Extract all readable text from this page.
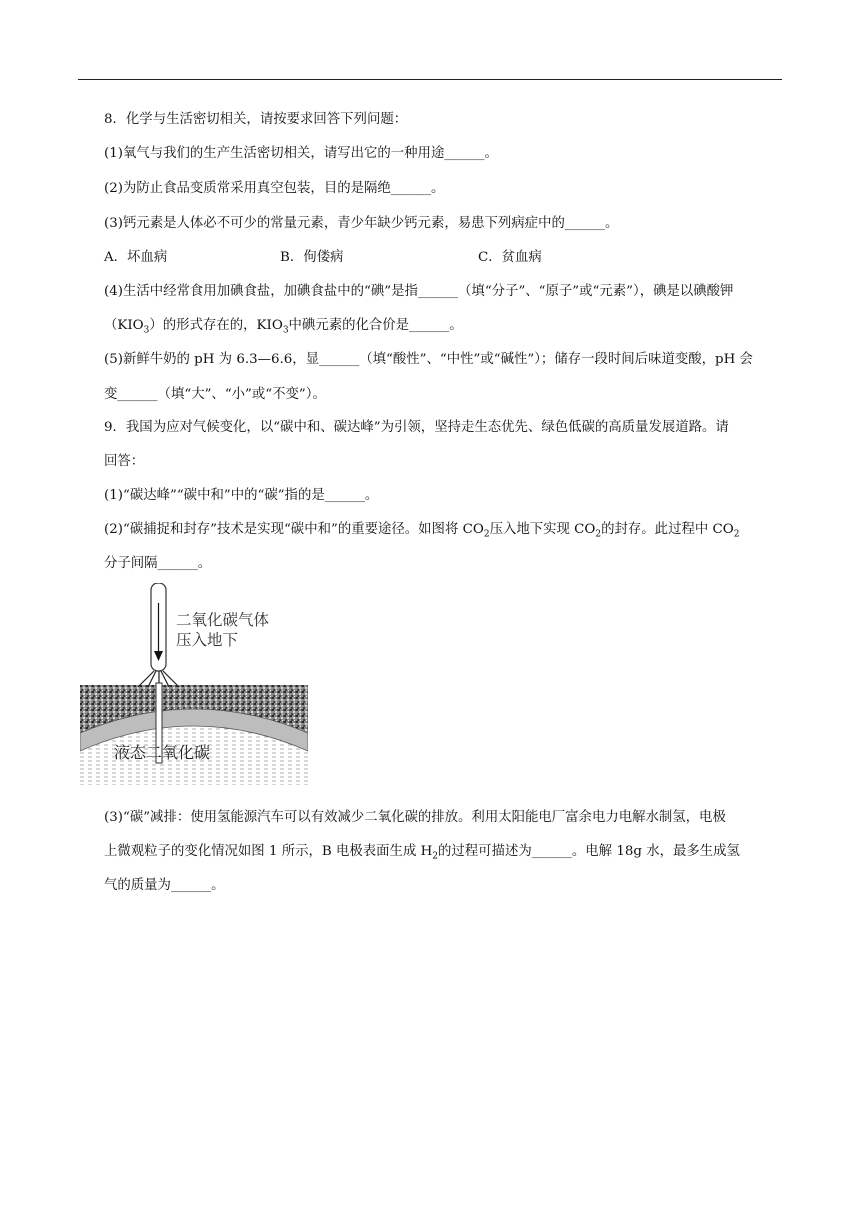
8．化学与生活密切相关，请按要求回答下列问题：

(1)氧气与我们的生产生活密切相关，请写出它的一种用途______。

(2)为防止食品变质常采用真空包装，目的是隔绝______。

(3)钙元素是人体必不可少的常量元素，青少年缺少钙元素，易患下列病症中的______。

A．坏血病	B．佝偻病	C．贫血病

(4)生活中经常食用加碘食盐，加碘食盐中的“碘”是指______（填“分子”、“原子”或“元素”），碘是以碘酸钾

$(KIO_3)$的形式存在的，$KIO_3$中碘元素的化合价是______。

(5)新鲜牛奶的 pH 为 6.3—6.6，显______（填“酸性”、“中性”或“碱性”）；储存一段时间后味道变酸，pH 会

变______（填“大”、“小”或“不变”）。

9．我国为应对气候变化，以“碳中和、碳达峰”为引领，坚持走生态优先、绿色低碳的高质量发展道路。请

回答：

(1)“碳达峰”“碳中和”中的“碳”指的是______。

(2)“碳捕捉和封存”技术是实现“碳中和”的重要途径。如图将 $CO_2$压入地下实现 $CO_2$的封存。此过程中 $CO_2$

分子间隔______。

(3)“碳”减排：使用氢能源汽车可以有效减少二氧化碳的排放。利用太阳能电厂富余电力电解水制氢，电极

上微观粒子的变化情况如图 1 所示，B 电极表面生成 $H_2$的过程可描述为______。电解 18g 水，最多生成氢

气的质量为______。

二氧化碳气体
压入地下
液态二氧化碳
